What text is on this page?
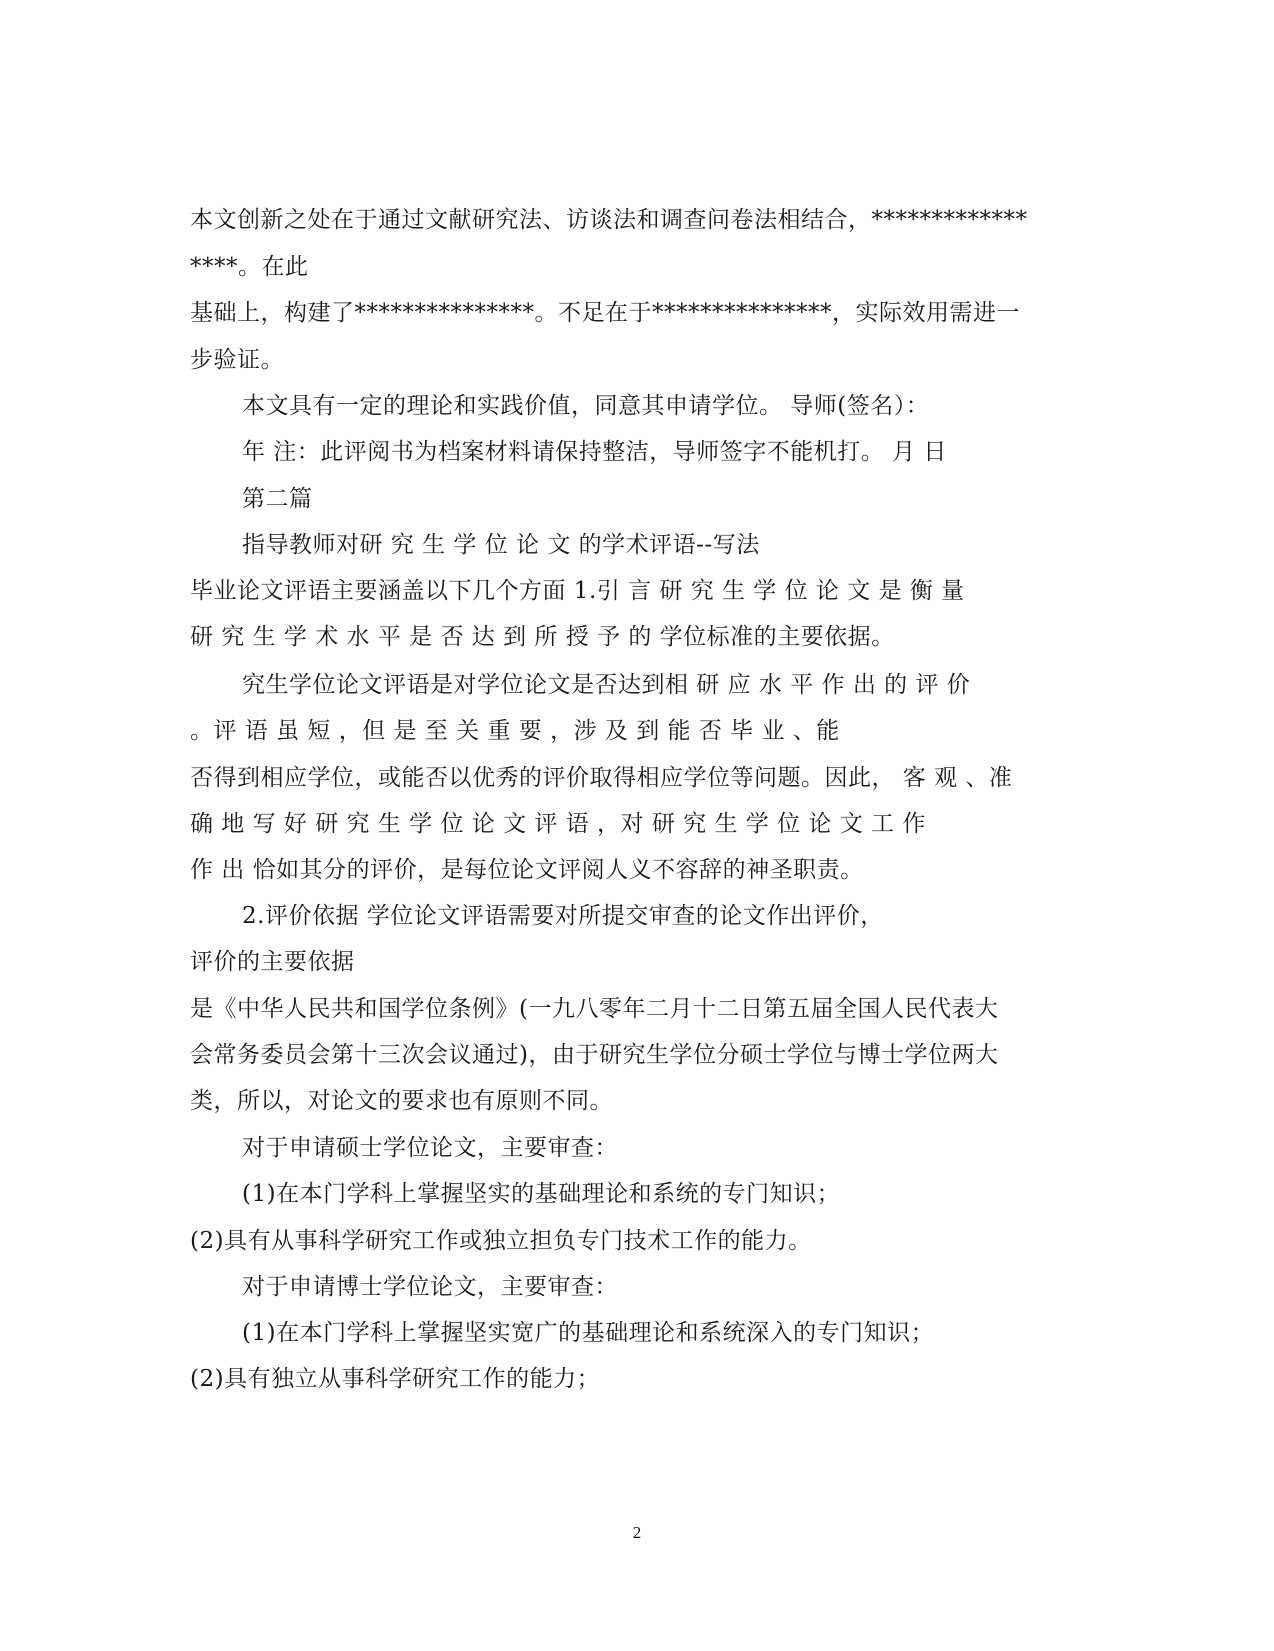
本文创新之处在于通过文献研究法、访谈法和调查问卷法相结合，*************
****。在此
基础上，构建了***************。不足在于***************，实际效用需进一
步验证。
本文具有一定的理论和实践价值，同意其申请学位。 导师(签名）：
年 注：此评阅书为档案材料请保持整洁，导师签字不能机打。 月 日
第二篇
指导教师对研 究 生 学 位 论 文 的学术评语--写法
毕业论文评语主要涵盖以下几个方面 1.引 言 研 究 生 学 位 论 文 是 衡 量
研 究 生 学 术 水 平 是 否 达 到 所 授 予 的 学位标准的主要依据。
究生学位论文评语是对学位论文是否达到相 研 应 水 平 作 出 的 评 价
。评 语 虽 短 ，但 是 至 关 重 要 ，涉 及 到 能 否 毕 业 、能
否得到相应学位，或能否以优秀的评价取得相应学位等问题。因此， 客 观 、准
确 地 写 好 研 究 生 学 位 论 文 评 语 ，对 研 究 生 学 位 论 文 工 作
作 出 恰如其分的评价，是每位论文评阅人义不容辞的神圣职责。
2.评价依据 学位论文评语需要对所提交审查的论文作出评价，
评价的主要依据
是《中华人民共和国学位条例》(一九八零年二月十二日第五届全国人民代表大
会常务委员会第十三次会议通过)，由于研究生学位分硕士学位与博士学位两大
类，所以，对论文的要求也有原则不同。
对于申请硕士学位论文，主要审查：
(1)在本门学科上掌握坚实的基础理论和系统的专门知识；
(2)具有从事科学研究工作或独立担负专门技术工作的能力。
对于申请博士学位论文，主要审查：
(1)在本门学科上掌握坚实宽广的基础理论和系统深入的专门知识；
(2)具有独立从事科学研究工作的能力；
2
